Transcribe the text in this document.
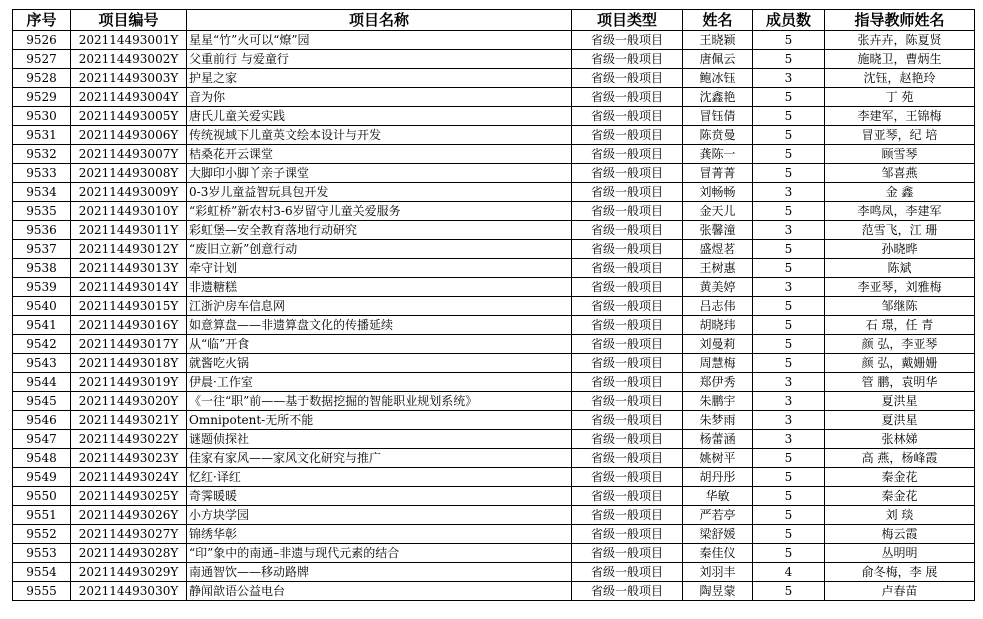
序号	项目编号	项目名称	项目类型	姓名	成员数	指导教师姓名
9526	202114493001Y	星星“竹”火可以“燎”园	省级一般项目	王晓颖	5	张卉卉，陈夏贤
9527	202114493002Y	父重前行 与爱童行	省级一般项目	唐佩云	5	施晓卫，曹炳生
9528	202114493003Y	护星之家	省级一般项目	鲍冰钰	3	沈钰，赵艳玲
9529	202114493004Y	音为你	省级一般项目	沈鑫艳	5	丁 苑
9530	202114493005Y	唐氏儿童关爱实践	省级一般项目	冒钰倩	5	李建军，王锦梅
9531	202114493006Y	传统视域下儿童英文绘本设计与开发	省级一般项目	陈贲曼	5	冒亚琴，纪 培
9532	202114493007Y	桔桑花开云课堂	省级一般项目	龚陈一	5	顾雪琴
9533	202114493008Y	大脚印小脚丫亲子课堂	省级一般项目	冒菁菁	5	邹喜燕
9534	202114493009Y	0-3岁儿童益智玩具包开发	省级一般项目	刘畅畅	3	金 鑫
9535	202114493010Y	“彩虹桥”新农村3-6岁留守儿童关爱服务	省级一般项目	金天儿	5	李鸣凤，李建军
9536	202114493011Y	彩虹堡—安全教育落地行动研究	省级一般项目	张馨潼	3	范雪飞，江 珊
9537	202114493012Y	“废旧立新”创意行动	省级一般项目	盛煜茗	5	孙晓晔
9538	202114493013Y	牵守计划	省级一般项目	王树惠	5	陈斌
9539	202114493014Y	非遗糖糕	省级一般项目	黄美婷	3	李亚琴，刘雅梅
9540	202114493015Y	江浙沪房车信息网	省级一般项目	吕志伟	5	邹继陈
9541	202114493016Y	如意算盘——非遗算盘文化的传播延续	省级一般项目	胡晓玮	5	石 璟，任 青
9542	202114493017Y	从“临”开食	省级一般项目	刘曼莉	5	颜 弘，李亚琴
9543	202114493018Y	就酱吃火锅	省级一般项目	周慧梅	5	颜 弘，戴姗姗
9544	202114493019Y	伊晨·工作室	省级一般项目	郑伊秀	3	管 鹏，袁明华
9545	202114493020Y	《一往“职”前——基于数据挖掘的智能职业规划系统》	省级一般项目	朱鹏宇	3	夏洪星
9546	202114493021Y	Omnipotent-无所不能	省级一般项目	朱梦雨	3	夏洪星
9547	202114493022Y	谜题侦探社	省级一般项目	杨蕾涵	3	张林娣
9548	202114493023Y	佳家有家风——家风文化研究与推广	省级一般项目	姚树平	5	高 燕，杨峰霞
9549	202114493024Y	忆红·译红	省级一般项目	胡丹彤	5	秦金花
9550	202114493025Y	奇霁暖暖	省级一般项目	华敏	5	秦金花
9551	202114493026Y	小方块学园	省级一般项目	严若亭	5	刘 琰
9552	202114493027Y	锦绣华彰	省级一般项目	梁舒媛	5	梅云霞
9553	202114493028Y	“印”象中的南通–非遗与现代元素的结合	省级一般项目	秦佳仪	5	丛明明
9554	202114493029Y	南通智饮——移动路牌	省级一般项目	刘羽丰	4	俞冬梅，李 展
9555	202114493030Y	静闻歆语公益电台	省级一般项目	陶昱蒙	5	卢春苗
